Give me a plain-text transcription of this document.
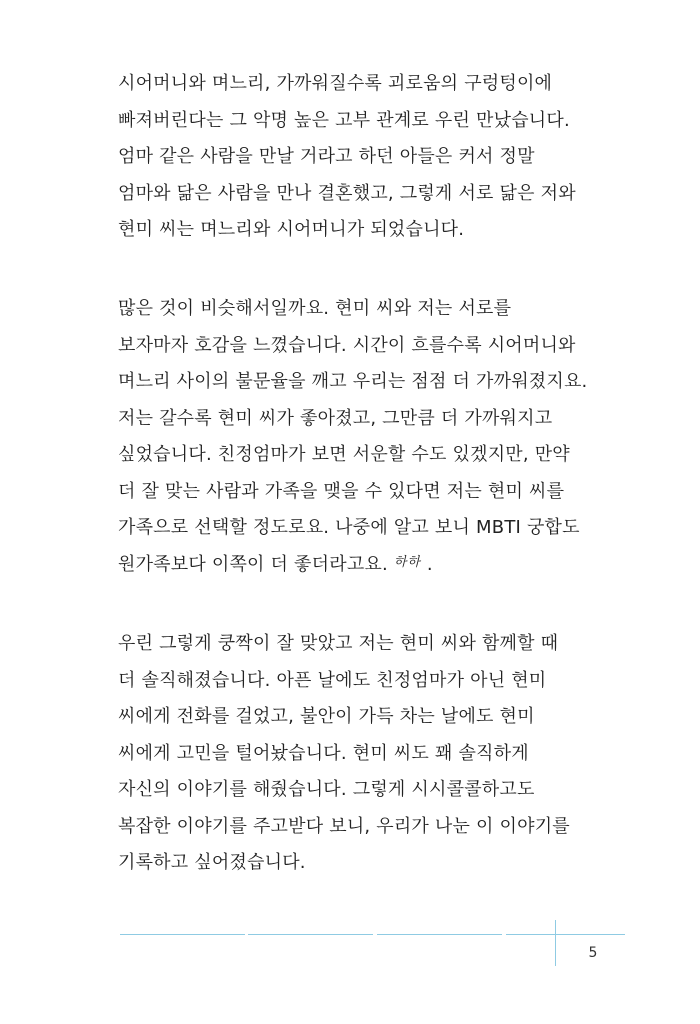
시어머니와 며느리, 가까워질수록 괴로움의 구렁텅이에
빠져버린다는 그 악명 높은 고부 관계로 우린 만났습니다.
엄마 같은 사람을 만날 거라고 하던 아들은 커서 정말
엄마와 닮은 사람을 만나 결혼했고, 그렇게 서로 닮은 저와
현미 씨는 며느리와 시어머니가 되었습니다.
많은 것이 비슷해서일까요. 현미 씨와 저는 서로를
보자마자 호감을 느꼈습니다. 시간이 흐를수록 시어머니와
며느리 사이의 불문율을 깨고 우리는 점점 더 가까워졌지요.
저는 갈수록 현미 씨가 좋아졌고, 그만큼 더 가까워지고
싶었습니다. 친정엄마가 보면 서운할 수도 있겠지만, 만약
더 잘 맞는 사람과 가족을 맺을 수 있다면 저는 현미 씨를
가족으로 선택할 정도로요. 나중에 알고 보니 MBTI 궁합도
원가족보다 이쪽이 더 좋더라고요. $^{하하}$ .
우린 그렇게 쿵짝이 잘 맞았고 저는 현미 씨와 함께할 때
더 솔직해졌습니다. 아픈 날에도 친정엄마가 아닌 현미
씨에게 전화를 걸었고, 불안이 가득 차는 날에도 현미
씨에게 고민을 털어놨습니다. 현미 씨도 꽤 솔직하게
자신의 이야기를 해줬습니다. 그렇게 시시콜콜하고도
복잡한 이야기를 주고받다 보니, 우리가 나눈 이 이야기를
기록하고 싶어졌습니다.
5
